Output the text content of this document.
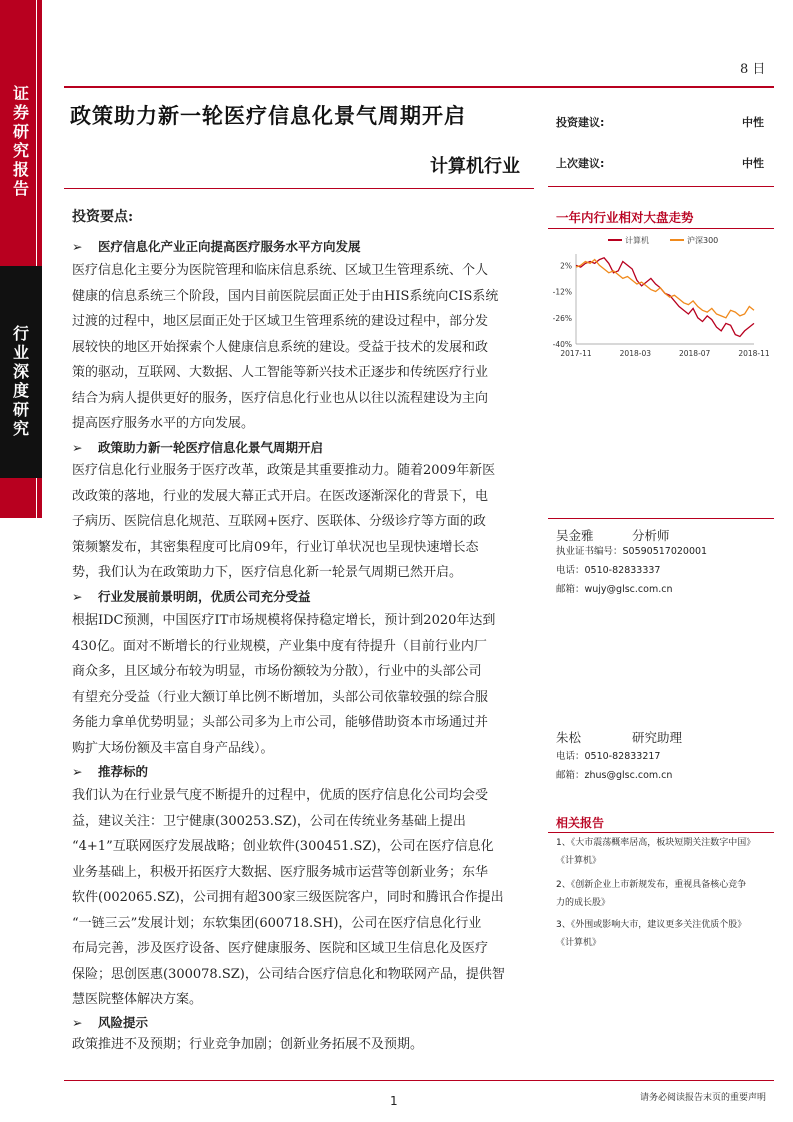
证
券
研
究
报
告
行
业
深
度
研
究
8 日
政策助力新一轮医疗信息化景气周期开启
计算机行业
投资建议:	中性
上次建议:	中性
投资要点:
➢ 医疗信息化产业正向提高医疗服务水平方向发展
医疗信息化主要分为医院管理和临床信息系统、区域卫生管理系统、个人
健康的信息系统三个阶段，国内目前医院层面正处于由HIS系统向CIS系统
过渡的过程中，地区层面正处于区域卫生管理系统的建设过程中，部分发
展较快的地区开始探索个人健康信息系统的建设。受益于技术的发展和政
策的驱动，互联网、大数据、人工智能等新兴技术正逐步和传统医疗行业
结合为病人提供更好的服务，医疗信息化行业也从以往以流程建设为主向
提高医疗服务水平的方向发展。
➢ 政策助力新一轮医疗信息化景气周期开启
医疗信息化行业服务于医疗改革，政策是其重要推动力。随着2009年新医
改政策的落地，行业的发展大幕正式开启。在医改逐渐深化的背景下，电
子病历、医院信息化规范、互联网+医疗、医联体、分级诊疗等方面的政
策频繁发布，其密集程度可比肩09年，行业订单状况也呈现快速增长态
势，我们认为在政策助力下，医疗信息化新一轮景气周期已然开启。
➢ 行业发展前景明朗，优质公司充分受益
根据IDC预测，中国医疗IT市场规模将保持稳定增长，预计到2020年达到
430亿。面对不断增长的行业规模，产业集中度有待提升（目前行业内厂
商众多，且区域分布较为明显，市场份额较为分散），行业中的头部公司
有望充分受益（行业大额订单比例不断增加，头部公司依靠较强的综合服
务能力拿单优势明显；头部公司多为上市公司，能够借助资本市场通过并
购扩大场份额及丰富自身产品线）。
➢ 推荐标的
我们认为在行业景气度不断提升的过程中，优质的医疗信息化公司均会受
益，建议关注：卫宁健康(300253.SZ)，公司在传统业务基础上提出
“4+1”互联网医疗发展战略；创业软件(300451.SZ)，公司在医疗信息化
业务基础上，积极开拓医疗大数据、医疗服务城市运营等创新业务；东华
软件(002065.SZ)，公司拥有超300家三级医院客户，同时和腾讯合作提出
“一链三云”发展计划；东软集团(600718.SH)，公司在医疗信息化行业
布局完善，涉及医疗设备、医疗健康服务、医院和区域卫生信息化及医疗
保险；思创医惠(300078.SZ)，公司结合医疗信息化和物联网产品，提供智
慧医院整体解决方案。
➢ 风险提示
政策推进不及预期；行业竞争加剧；创新业务拓展不及预期。
一年内行业相对大盘走势
计算机	沪深300
2%
-12%
-26%
-40%
2017-11	2018-03	2018-07	2018-11
吴金雅	分析师
执业证书编号：S0590517020001
电话：0510-82833337
邮箱：wujy@glsc.com.cn
朱松	研究助理
电话：0510-82833217
邮箱：zhus@glsc.com.cn
相关报告
1、《大市震荡概率居高，板块短期关注数字中国》
《计算机》
2、《创新企业上市新规发布，重视具备核心竞争
力的成长股》
3、《外围或影响大市，建议更多关注优质个股》
《计算机》
1	请务必阅读报告末页的重要声明
